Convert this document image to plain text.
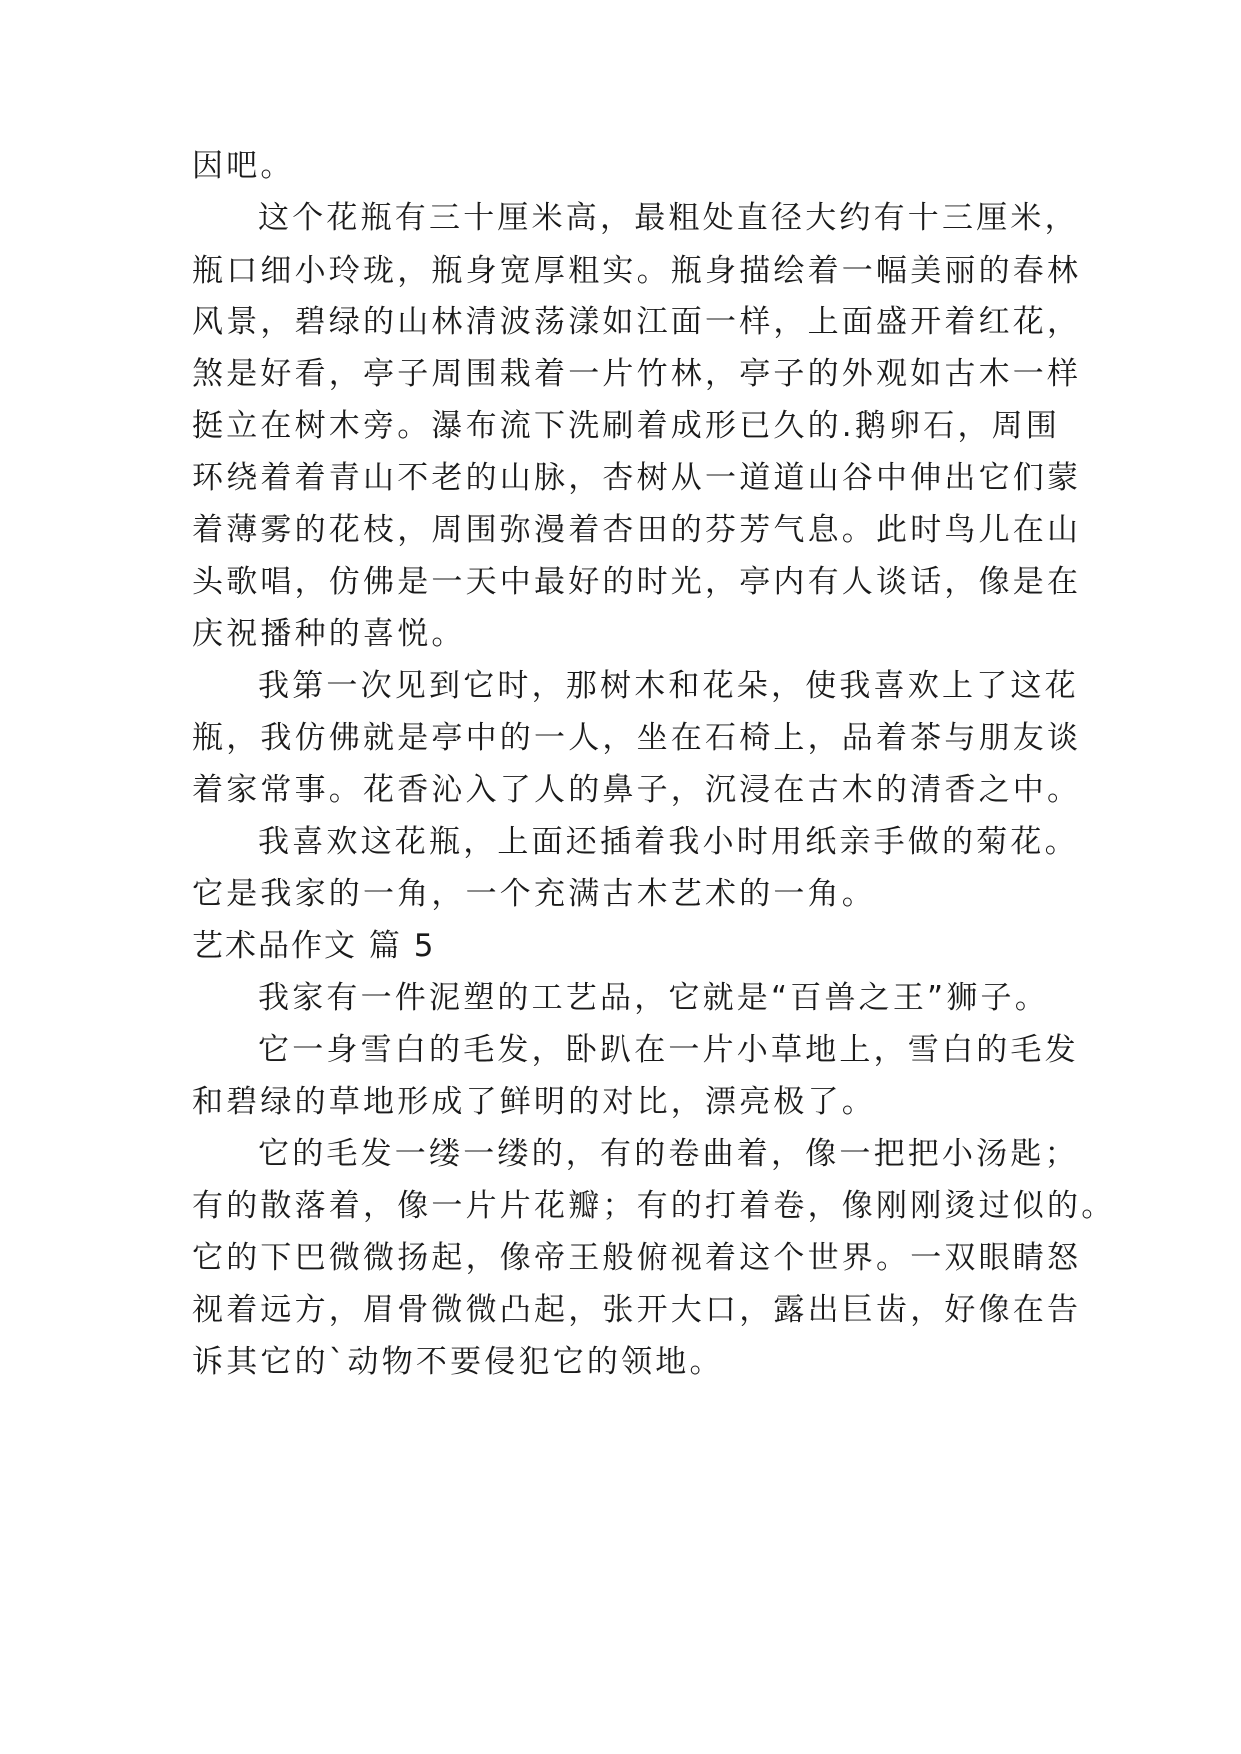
因吧。
这个花瓶有三十厘米高，最粗处直径大约有十三厘米，
瓶口细小玲珑，瓶身宽厚粗实。瓶身描绘着一幅美丽的春林
风景，碧绿的山林清波荡漾如江面一样，上面盛开着红花，
煞是好看，亭子周围栽着一片竹林，亭子的外观如古木一样
挺立在树木旁。瀑布流下洗刷着成形已久的.鹅卵石，周围
环绕着着青山不老的山脉，杏树从一道道山谷中伸出它们蒙
着薄雾的花枝，周围弥漫着杏田的芬芳气息。此时鸟儿在山
头歌唱，仿佛是一天中最好的时光，亭内有人谈话，像是在
庆祝播种的喜悦。
我第一次见到它时，那树木和花朵，使我喜欢上了这花
瓶，我仿佛就是亭中的一人，坐在石椅上，品着茶与朋友谈
着家常事。花香沁入了人的鼻子，沉浸在古木的清香之中。
我喜欢这花瓶，上面还插着我小时用纸亲手做的菊花。
它是我家的一角，一个充满古木艺术的一角。
艺术品作文 篇 5
我家有一件泥塑的工艺品，它就是“百兽之王”狮子。
它一身雪白的毛发，卧趴在一片小草地上，雪白的毛发
和碧绿的草地形成了鲜明的对比，漂亮极了。
它的毛发一缕一缕的，有的卷曲着，像一把把小汤匙；
有的散落着，像一片片花瓣；有的打着卷，像刚刚烫过似的。
它的下巴微微扬起，像帝王般俯视着这个世界。一双眼睛怒
视着远方，眉骨微微凸起，张开大口，露出巨齿，好像在告
诉其它的`动物不要侵犯它的领地。
